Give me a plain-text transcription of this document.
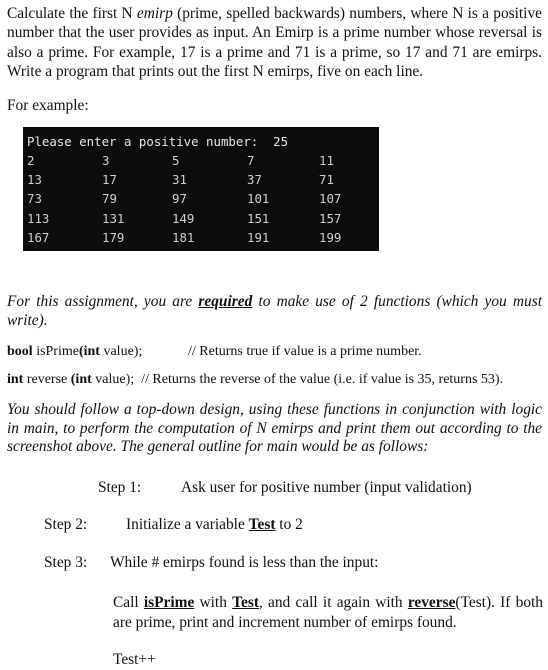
Calculate the first N emirp (prime, spelled backwards) numbers, where N is a positive number that the user provides as input. An Emirp is a prime number whose reversal is also a prime. For example, 17 is a prime and 71 is a prime, so 17 and 71 are emirps. Write a program that prints out the first N emirps, five on each line.
For example:
Please enter a positive number:  25
2	3	5	7	11
13	17	31	37	71
73	79	97	101	107
113	131	149	151	157
167	179	181	191	199
For this assignment, you are required to make use of 2 functions (which you must write).
bool isPrime(int value);	// Returns true if value is a prime number.
int reverse (int value);  // Returns the reverse of the value (i.e. if value is 35, returns 53).
You should follow a top-down design, using these functions in conjunction with logic in main, to perform the computation of N emirps and print them out according to the screenshot above. The general outline for main would be as follows:
Step 1:	Ask user for positive number (input validation)
Step 2:	Initialize a variable Test to 2
Step 3: While # emirps found is less than the input:
Call isPrime with Test, and call it again with reverse(Test). If both are prime, print and increment number of emirps found.
Test++
